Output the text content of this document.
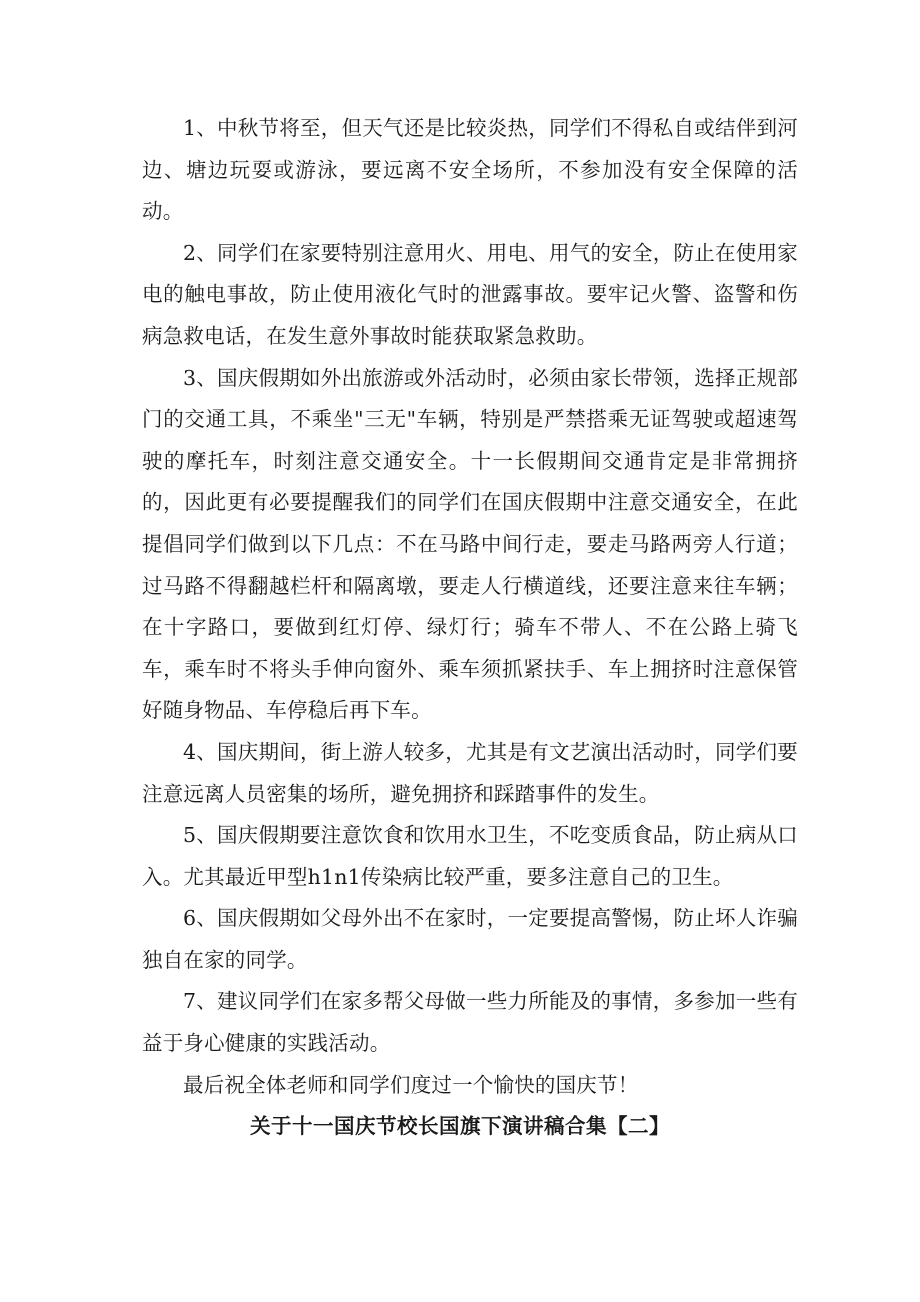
1、中秋节将至，但天气还是比较炎热，同学们不得私自或结伴到河边、塘边玩耍或游泳，要远离不安全场所，不参加没有安全保障的活动。

2、同学们在家要特别注意用火、用电、用气的安全，防止在使用家电的触电事故，防止使用液化气时的泄露事故。要牢记火警、盗警和伤病急救电话，在发生意外事故时能获取紧急救助。

3、国庆假期如外出旅游或外活动时，必须由家长带领，选择正规部门的交通工具，不乘坐"三无"车辆，特别是严禁搭乘无证驾驶或超速驾驶的摩托车，时刻注意交通安全。十一长假期间交通肯定是非常拥挤的，因此更有必要提醒我们的同学们在国庆假期中注意交通安全，在此提倡同学们做到以下几点：不在马路中间行走，要走马路两旁人行道；过马路不得翻越栏杆和隔离墩，要走人行横道线，还要注意来往车辆；在十字路口，要做到红灯停、绿灯行；骑车不带人、不在公路上骑飞车，乘车时不将头手伸向窗外、乘车须抓紧扶手、车上拥挤时注意保管好随身物品、车停稳后再下车。

4、国庆期间，街上游人较多，尤其是有文艺演出活动时，同学们要注意远离人员密集的场所，避免拥挤和踩踏事件的发生。

5、国庆假期要注意饮食和饮用水卫生，不吃变质食品，防止病从口入。尤其最近甲型h1n1传染病比较严重，要多注意自己的卫生。

6、国庆假期如父母外出不在家时，一定要提高警惕，防止坏人诈骗独自在家的同学。

7、建议同学们在家多帮父母做一些力所能及的事情，多参加一些有益于身心健康的实践活动。

最后祝全体老师和同学们度过一个愉快的国庆节！

关于十一国庆节校长国旗下演讲稿合集【二】
